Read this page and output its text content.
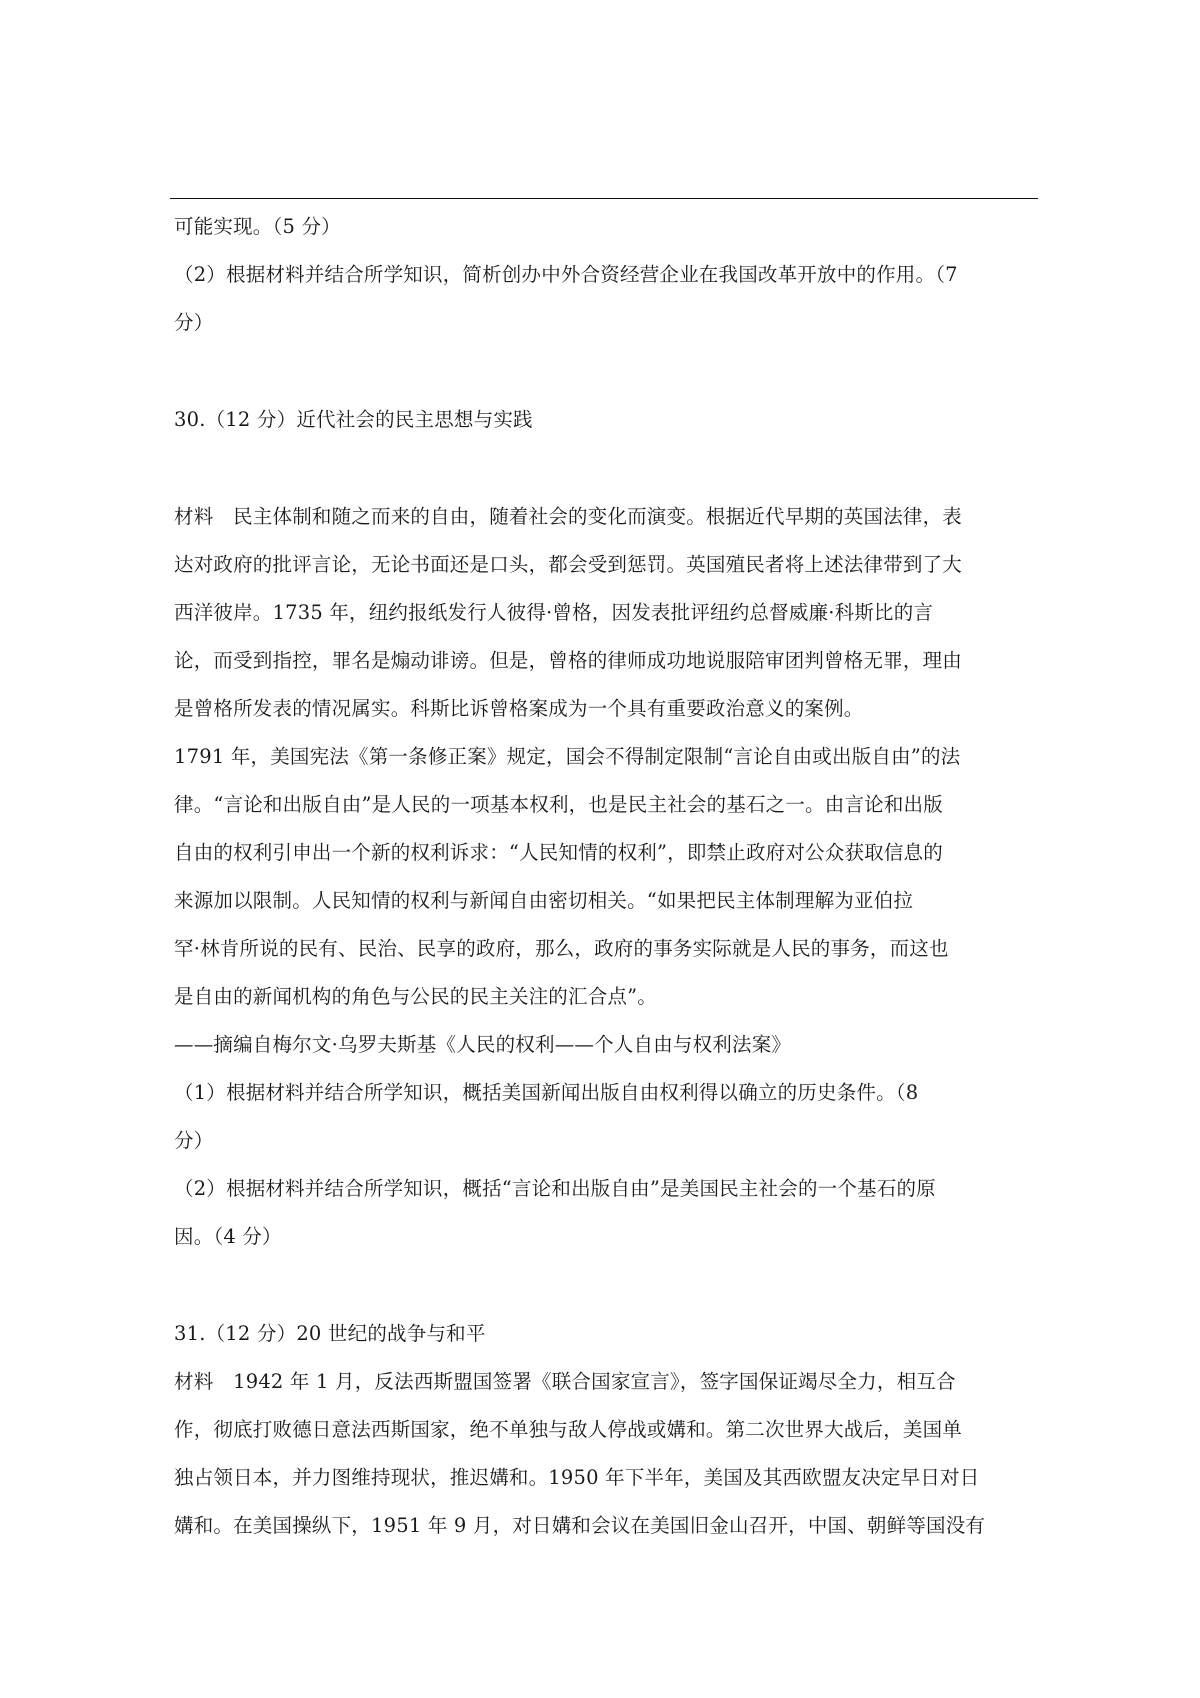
可能实现。（5 分）
（2）根据材料并结合所学知识，简析创办中外合资经营企业在我国改革开放中的作用。（7
分）
30.（12 分）近代社会的民主思想与实践
材料　民主体制和随之而来的自由，随着社会的变化而演变。根据近代早期的英国法律，表
达对政府的批评言论，无论书面还是口头，都会受到惩罚。英国殖民者将上述法律带到了大
西洋彼岸。1735 年，纽约报纸发行人彼得·曾格，因发表批评纽约总督威廉·科斯比的言
论，而受到指控，罪名是煽动诽谤。但是，曾格的律师成功地说服陪审团判曾格无罪，理由
是曾格所发表的情况属实。科斯比诉曾格案成为一个具有重要政治意义的案例。
1791 年，美国宪法《第一条修正案》规定，国会不得制定限制“言论自由或出版自由”的法
律。“言论和出版自由”是人民的一项基本权利，也是民主社会的基石之一。由言论和出版
自由的权利引申出一个新的权利诉求：“人民知情的权利”，即禁止政府对公众获取信息的
来源加以限制。人民知情的权利与新闻自由密切相关。“如果把民主体制理解为亚伯拉
罕·林肯所说的民有、民治、民享的政府，那么，政府的事务实际就是人民的事务，而这也
是自由的新闻机构的角色与公民的民主关注的汇合点”。
——摘编自梅尔文·乌罗夫斯基《人民的权利——个人自由与权利法案》
（1）根据材料并结合所学知识，概括美国新闻出版自由权利得以确立的历史条件。（8
分）
（2）根据材料并结合所学知识，概括“言论和出版自由”是美国民主社会的一个基石的原
因。（4 分）
31.（12 分）20 世纪的战争与和平
材料　1942 年 1 月，反法西斯盟国签署《联合国家宣言》，签字国保证竭尽全力，相互合
作，彻底打败德日意法西斯国家，绝不单独与敌人停战或媾和。第二次世界大战后，美国单
独占领日本，并力图维持现状，推迟媾和。1950 年下半年，美国及其西欧盟友决定早日对日
媾和。在美国操纵下，1951 年 9 月，对日媾和会议在美国旧金山召开，中国、朝鲜等国没有
